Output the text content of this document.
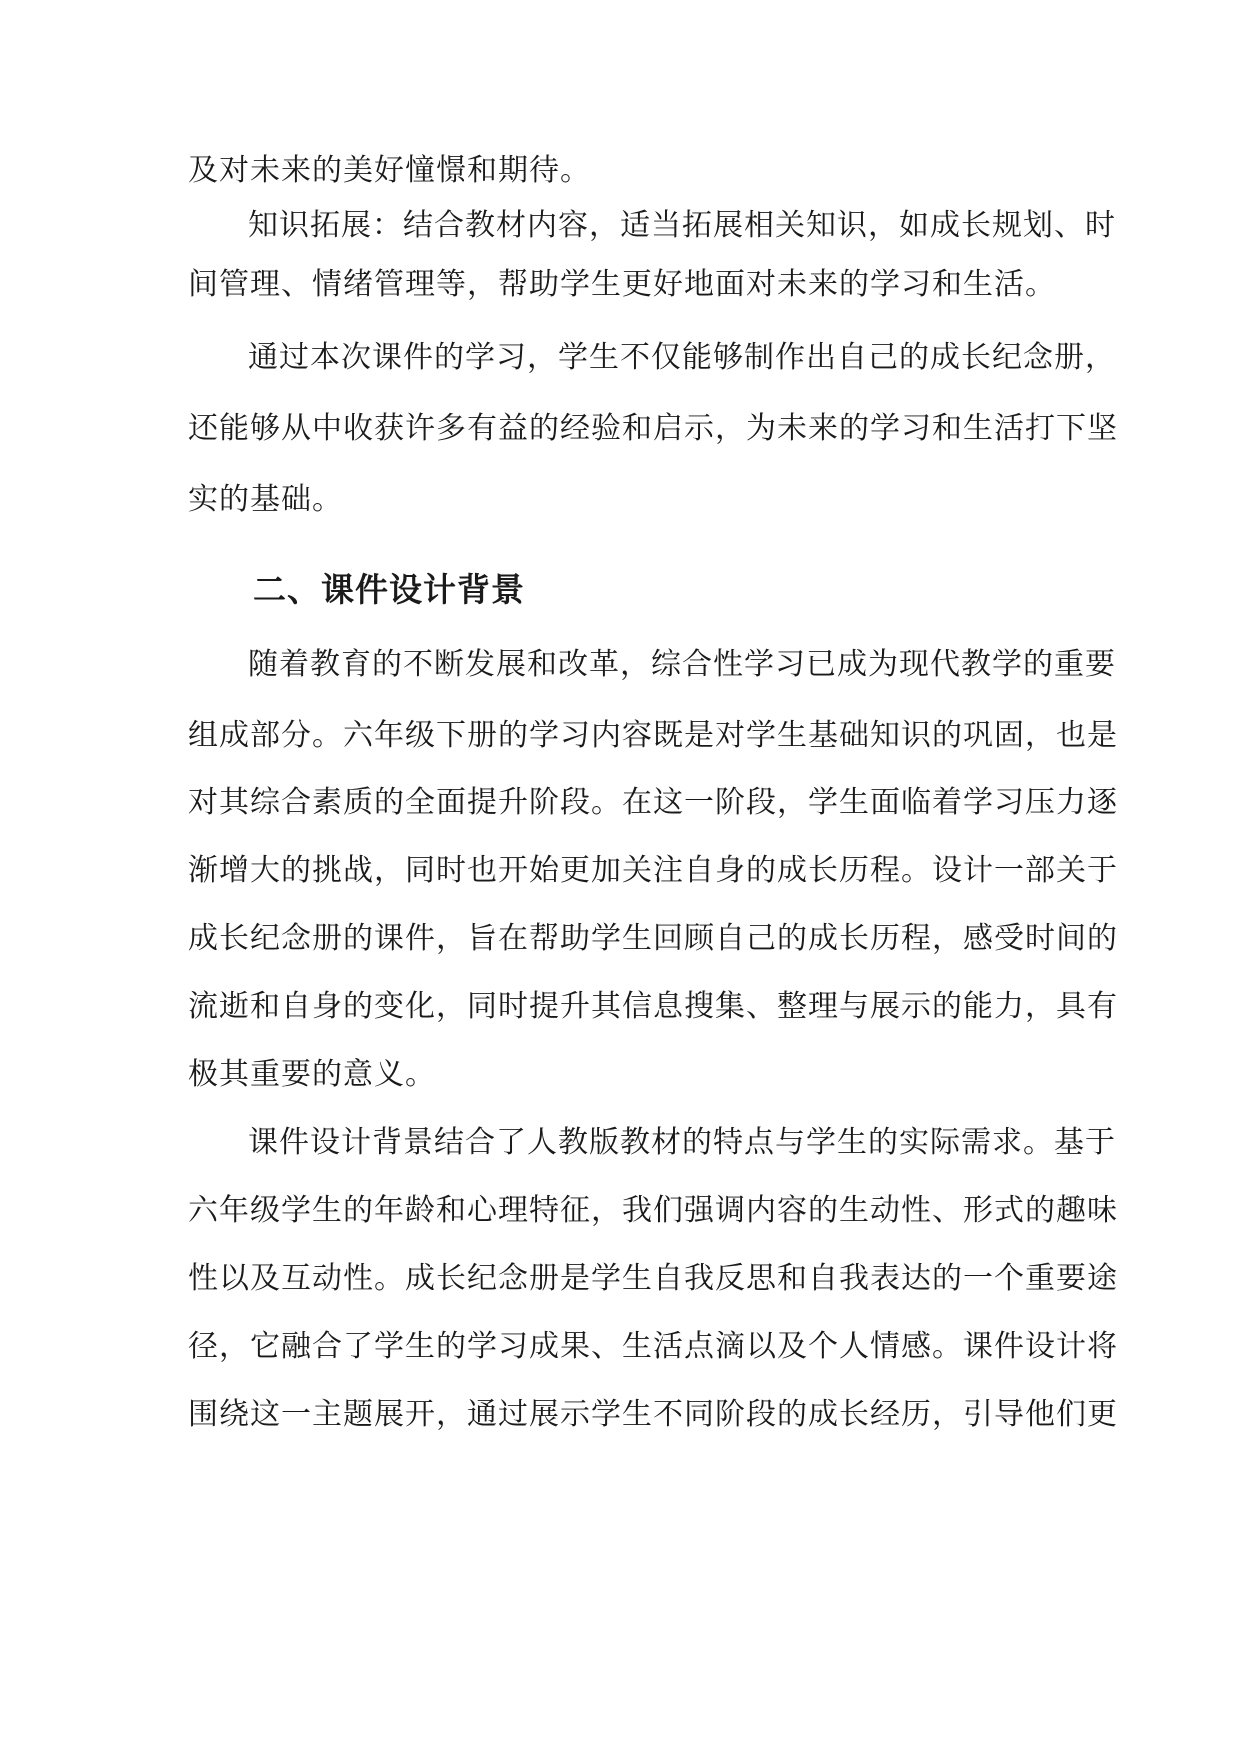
及对未来的美好憧憬和期待。
知识拓展：结合教材内容，适当拓展相关知识，如成长规划、时
间管理、情绪管理等，帮助学生更好地面对未来的学习和生活。
通过本次课件的学习，学生不仅能够制作出自己的成长纪念册，
还能够从中收获许多有益的经验和启示，为未来的学习和生活打下坚
实的基础。
二、课件设计背景
随着教育的不断发展和改革，综合性学习已成为现代教学的重要
组成部分。六年级下册的学习内容既是对学生基础知识的巩固，也是
对其综合素质的全面提升阶段。在这一阶段，学生面临着学习压力逐
渐增大的挑战，同时也开始更加关注自身的成长历程。设计一部关于
成长纪念册的课件，旨在帮助学生回顾自己的成长历程，感受时间的
流逝和自身的变化，同时提升其信息搜集、整理与展示的能力，具有
极其重要的意义。
课件设计背景结合了人教版教材的特点与学生的实际需求。基于
六年级学生的年龄和心理特征，我们强调内容的生动性、形式的趣味
性以及互动性。成长纪念册是学生自我反思和自我表达的一个重要途
径，它融合了学生的学习成果、生活点滴以及个人情感。课件设计将
围绕这一主题展开，通过展示学生不同阶段的成长经历，引导他们更
